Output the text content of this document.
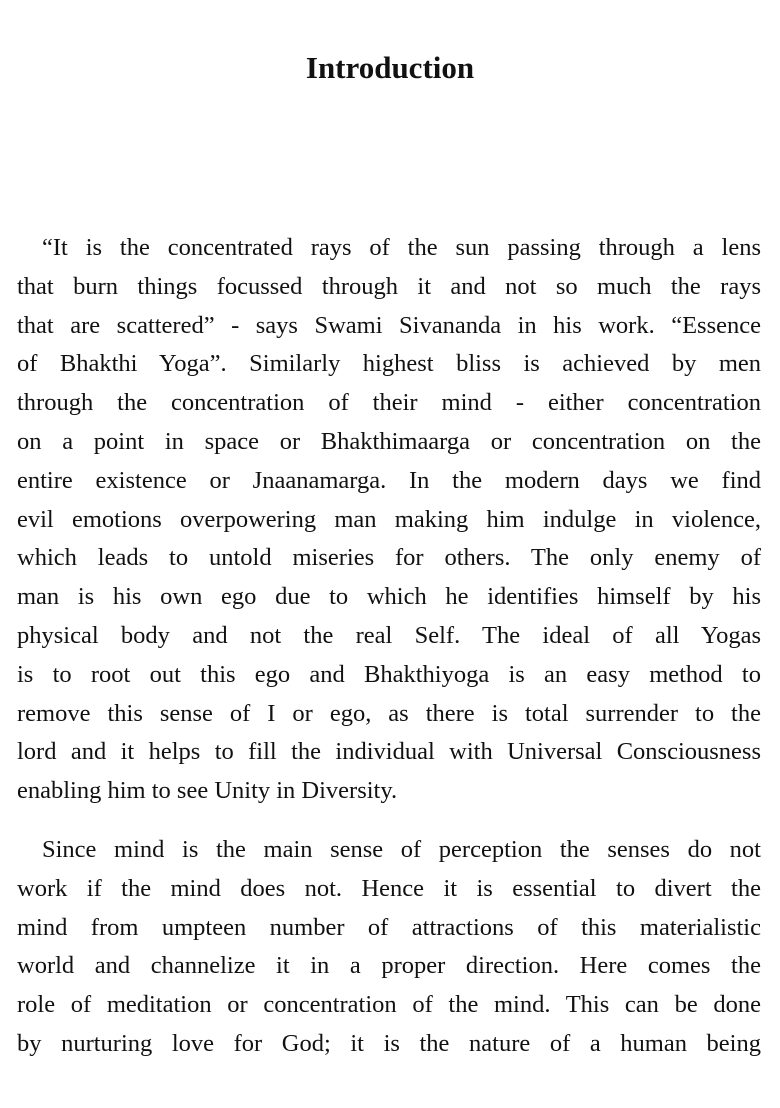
Introduction
“It is the concentrated rays of the sun passing through a lens
that burn things focussed through it and not so much the rays
that are scattered” - says Swami Sivananda in his work. “Essence
of Bhakthi Yoga”. Similarly highest bliss is achieved by men
through the concentration of their mind - either concentration
on a point in space or Bhakthimaarga or concentration on the
entire existence or Jnaanamarga. In the modern days we find
evil emotions overpowering man making him indulge in violence,
which leads to untold miseries for others. The only enemy of
man is his own ego due to which he identifies himself by his
physical body and not the real Self. The ideal of all Yogas
is to root out this ego and Bhakthiyoga is an easy method to
remove this sense of I or ego, as there is total surrender to the
lord and it helps to fill the individual with Universal Consciousness
enabling him to see Unity in Diversity.
Since mind is the main sense of perception the senses do not
work if the mind does not. Hence it is essential to divert the
mind from umpteen number of attractions of this materialistic
world and channelize it in a proper direction. Here comes the
role of meditation or concentration of the mind. This can be done
by nurturing love for God; it is the nature of a human being
